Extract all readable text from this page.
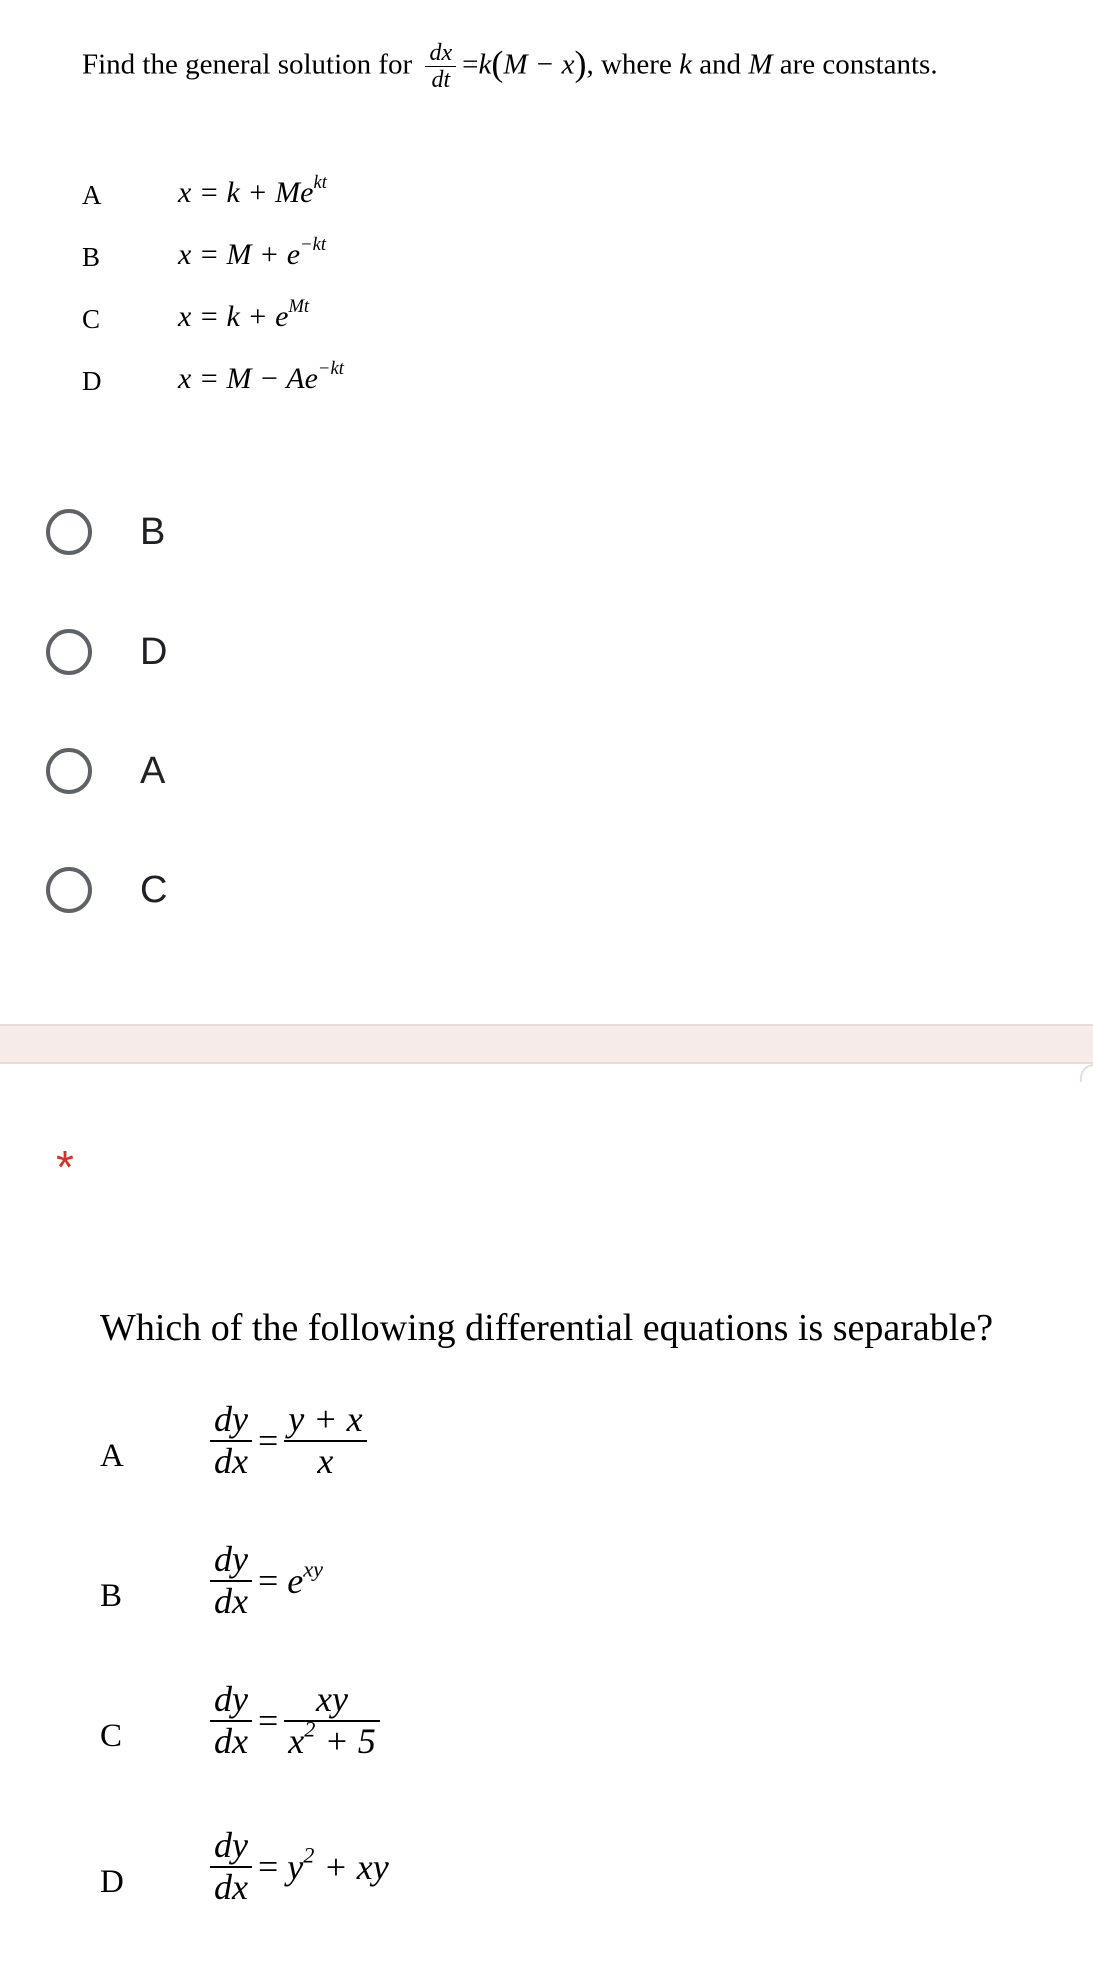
Find the general solution for $\frac{dx}{dt} =k(M - x)$, where k and M are constants.
A	$x = k + Me^{kt}$
B	$x = M + e^{-kt}$
C	$x = k + e^{Mt}$
D	$x = M - Ae^{-kt}$
B
D
A
C
*
Which of the following differential equations is separable?
A $\frac{dy}{dx} = \frac{y + x}{x}$
B $\frac{dy}{dx} = e^{xy}$
C $\frac{dy}{dx} = \frac{xy}{x^2 + 5}$
D $\frac{dy}{dx} = y^2$ + xy
